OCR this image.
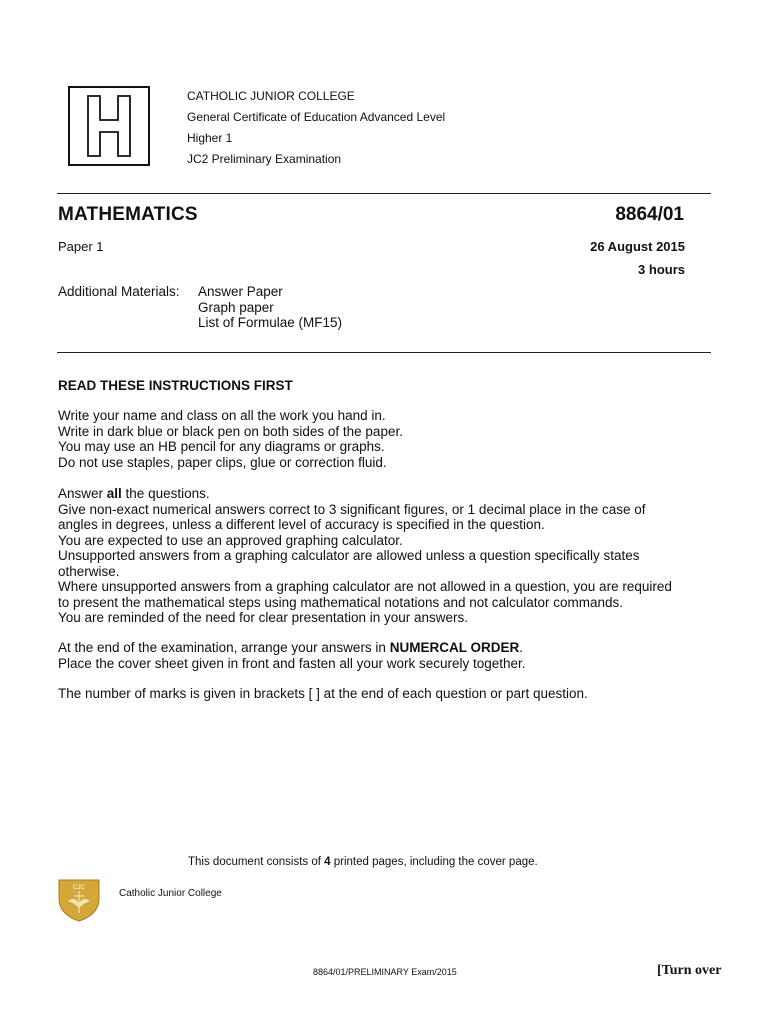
CATHOLIC JUNIOR COLLEGE
General Certificate of Education Advanced Level
Higher 1
JC2 Preliminary Examination
MATHEMATICS	8864/01
Paper 1	26 August 2015
3 hours
Additional Materials: Answer Paper
Graph paper
List of Formulae (MF15)
READ THESE INSTRUCTIONS FIRST
Write your name and class on all the work you hand in.
Write in dark blue or black pen on both sides of the paper.
You may use an HB pencil for any diagrams or graphs.
Do not use staples, paper clips, glue or correction fluid.
Answer all the questions.
Give non-exact numerical answers correct to 3 significant figures, or 1 decimal place in the case of
angles in degrees, unless a different level of accuracy is specified in the question.
You are expected to use an approved graphing calculator.
Unsupported answers from a graphing calculator are allowed unless a question specifically states
otherwise.
Where unsupported answers from a graphing calculator are not allowed in a question, you are required
to present the mathematical steps using mathematical notations and not calculator commands.
You are reminded of the need for clear presentation in your answers.
At the end of the examination, arrange your answers in NUMERCAL ORDER.
Place the cover sheet given in front and fasten all your work securely together.
The number of marks is given in brackets [ ] at the end of each question or part question.
This document consists of 4 printed pages, including the cover page.
CJC	Catholic Junior College
8864/01/PRELIMINARY Exam/2015	[Turn over
